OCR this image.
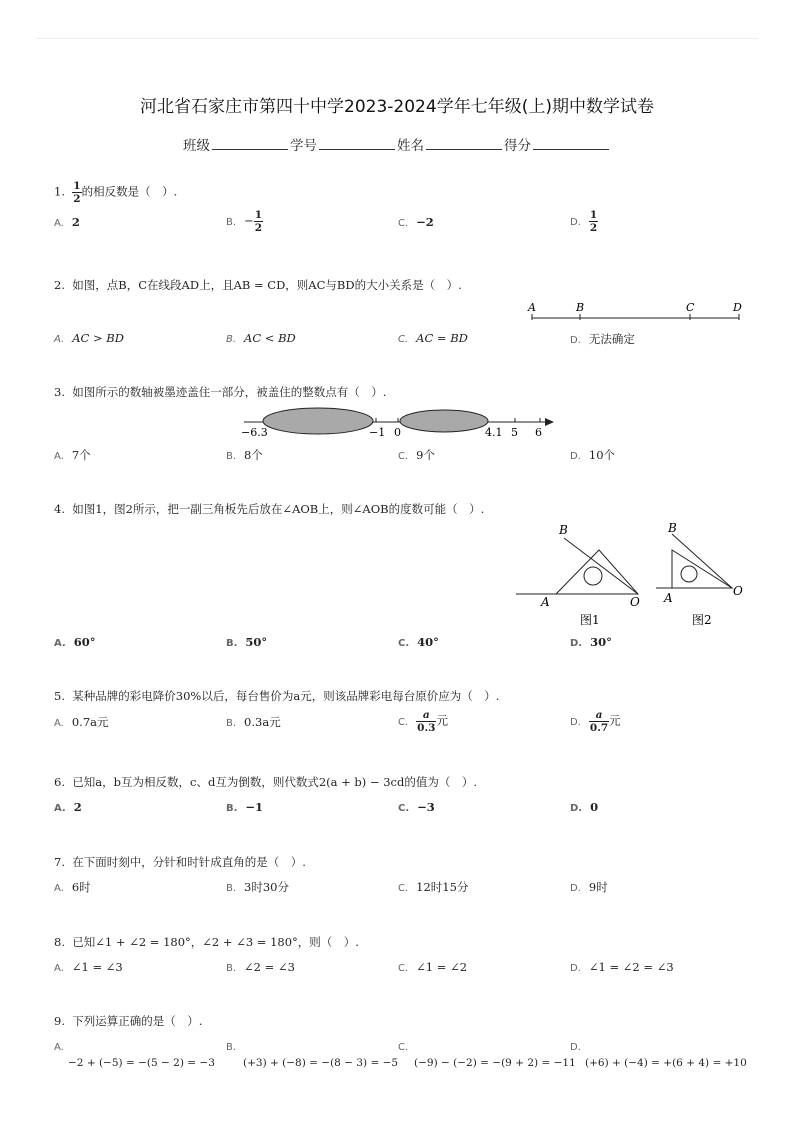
河北省石家庄市第四十中学2023-2024学年七年级(上)期中数学试卷
班级	学号	姓名	得分
1. $\frac{1}{2}$ 的相反数是（　）.
A. 2	B. − $\frac{1}{2}$	C. −2	D. $\frac{1}{2}$
2. 如图，点B，C在线段AD上，且AB = CD，则AC与BD的大小关系是（　）.
A	B	C	D
A. AC > BD	B. AC < BD	C. AC = BD	D. 无法确定
3. 如图所示的数轴被墨迹盖住一部分，被盖住的整数点有（　）.
−6.3	−1 0	4.1 5 6
A. 7个	B. 8个	C. 9个	D. 10个
4. 如图1，图2所示，把一副三角板先后放在∠AOB上，则∠AOB的度数可能（　）.
B
A	O
图1
B
A	O
图2
A. 60°	B. 50°	C. 40°	D. 30°
5. 某种品牌的彩电降价30%以后，每台售价为a元，则该品牌彩电每台原价应为（　）.
A. 0.7a元	B. 0.3a元	C. $\frac{a}{0.3}$ 元	D. $\frac{a}{0.7}$ 元
6. 已知a，b互为相反数，c、d互为倒数，则代数式2(a + b) − 3cd的值为（　）.
A. 2	B. −1	C. −3	D. 0
7. 在下面时刻中，分针和时针成直角的是（　）.
A. 6时	B. 3时30分	C. 12时15分	D. 9时
8. 已知∠1 + ∠2 = 180°，∠2 + ∠3 = 180°，则（　）.
A. ∠1 = ∠3	B. ∠2 = ∠3	C. ∠1 = ∠2	D. ∠1 = ∠2 = ∠3
9. 下列运算正确的是（　）.
A.	B.	C.	D.
−2 + (−5) = −(5 − 2) = −3	(+3) + (−8) = −(8 − 3) = −5 (−9) − (−2) = −(9 + 2) = −11 (+6) + (−4) = +(6 + 4) = +10
